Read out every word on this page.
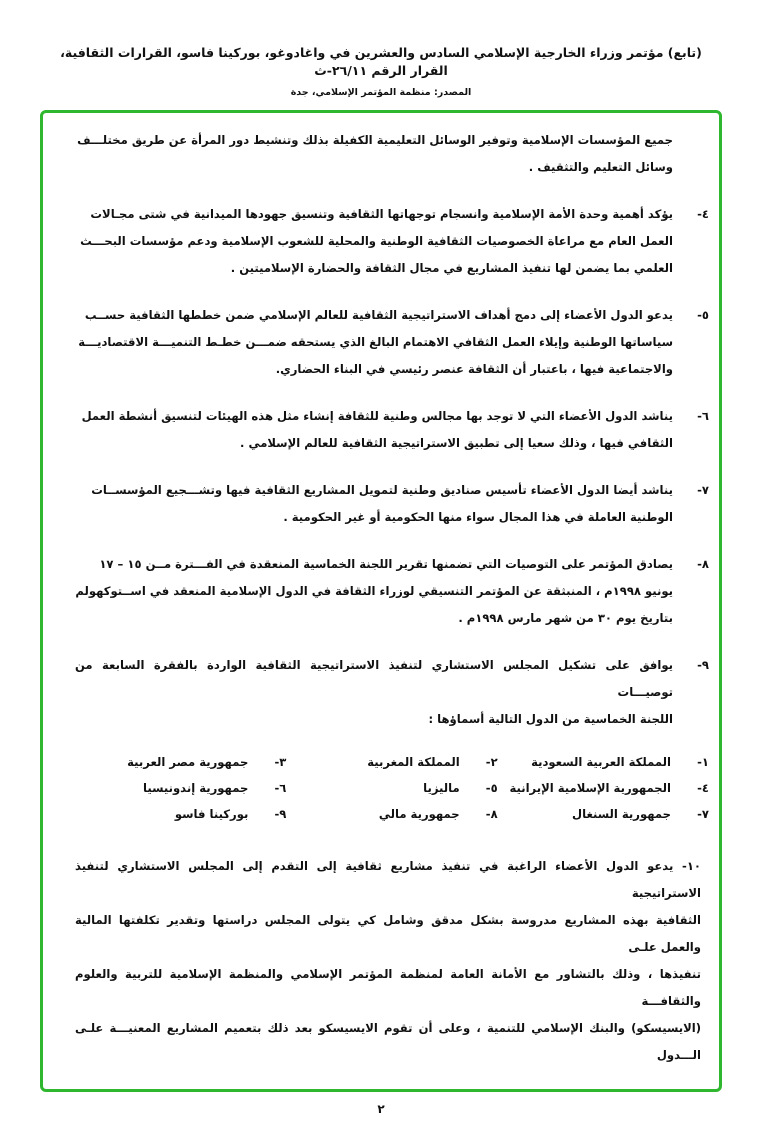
(تابع) مؤتمر وزراء الخارجية الإسلامي السادس والعشرين في واغادوغو، بوركينا فاسو، القرارات الثقافية، القرار الرقم ٢٦/١١-ث
المصدر: منظمة المؤتمر الإسلامي، جدة
جميع المؤسسات الإسلامية وتوفير الوسائل التعليمية الكفيلة بذلك وتنشيط دور المرأة عن طريق مختلـــف
وسائل التعليم والتثقيف .
٤-
يؤكد أهمية وحدة الأمة الإسلامية وانسجام توجهاتها الثقافية وتنسيق جهودها الميدانية في شتى مجـالات
العمل العام مع مراعاة الخصوصيات الثقافية الوطنية والمحلية للشعوب الإسلامية ودعم مؤسسات البحـــث
العلمي بما يضمن لها تنفيذ المشاريع في مجال الثقافة والحضارة الإسلاميتين .
٥-
يدعو الدول الأعضاء إلى دمج أهداف الاستراتيجية الثقافية للعالم الإسلامي ضمن خططها الثقافية حســب
سياساتها الوطنية وإيلاء العمل الثقافي الاهتمام البالغ الذي يستحقه ضمـــن خطـط التنميـــة الاقتصاديـــة
والاجتماعية فيها ، باعتبار أن الثقافة عنصر رئيسي في البناء الحضاري.
٦-
يناشد الدول الأعضاء التي لا توجد بها مجالس وطنية للثقافة إنشاء مثل هذه الهيئات لتنسيق أنشطة العمل
الثقافي فيها ، وذلك سعيا إلى تطبيق الاستراتيجية الثقافية للعالم الإسلامي .
٧-
يناشد أيضا الدول الأعضاء تأسيس صناديق وطنية لتمويل المشاريع الثقافية فيها وتشـــجيع المؤسســات
الوطنية العاملة في هذا المجال سواء منها الحكومية أو غير الحكومية .
٨-
يصادق المؤتمر على التوصيات التي تضمنها تقرير اللجنة الخماسية المنعقدة في الفـــترة مــن ١٥ – ١٧
يونيو ١٩٩٨م ، المنبثقة عن المؤتمر التنسيقي لوزراء الثقافة في الدول الإسلامية المنعقد في اســتوكهولم
بتاريخ يوم ٣٠ من شهر مارس ١٩٩٨م .
٩-
يوافق على تشكيل المجلس الاستشاري لتنفيذ الاستراتيجية الثقافية الواردة بالفقرة السابعة من توصيـــات
اللجنة الخماسية من الدول التالية أسماؤها :
١-
المملكة العربية السعودية
٢-
المملكة المغربية
٣-
جمهورية مصر العربية
٤-
الجمهورية الإسلامية الإيرانية
٥-
ماليزيا
٦-
جمهورية إندونيسيا
٧-
جمهورية السنغال
٨-
جمهورية مالي
٩-
بوركينا فاسو
١٠- يدعو الدول الأعضاء الراغبة في تنفيذ مشاريع ثقافية إلى التقدم إلى المجلس الاستشاري لتنفيذ الاستراتيجية
الثقافية بهذه المشاريع مدروسة بشكل مدقق وشامل كي يتولى المجلس دراستها وتقدير تكلفتها المالية والعمل علـى
تنفيذها ، وذلك بالتشاور مع الأمانة العامة لمنظمة المؤتمر الإسلامي والمنظمة الإسلامية للتربية والعلوم والثقافـــة
(الايسيسكو) والبنك الإسلامي للتنمية ، وعلى أن تقوم الايسيسكو بعد ذلك بتعميم المشاريع المعنيـــة علـى الـــدول
٢
